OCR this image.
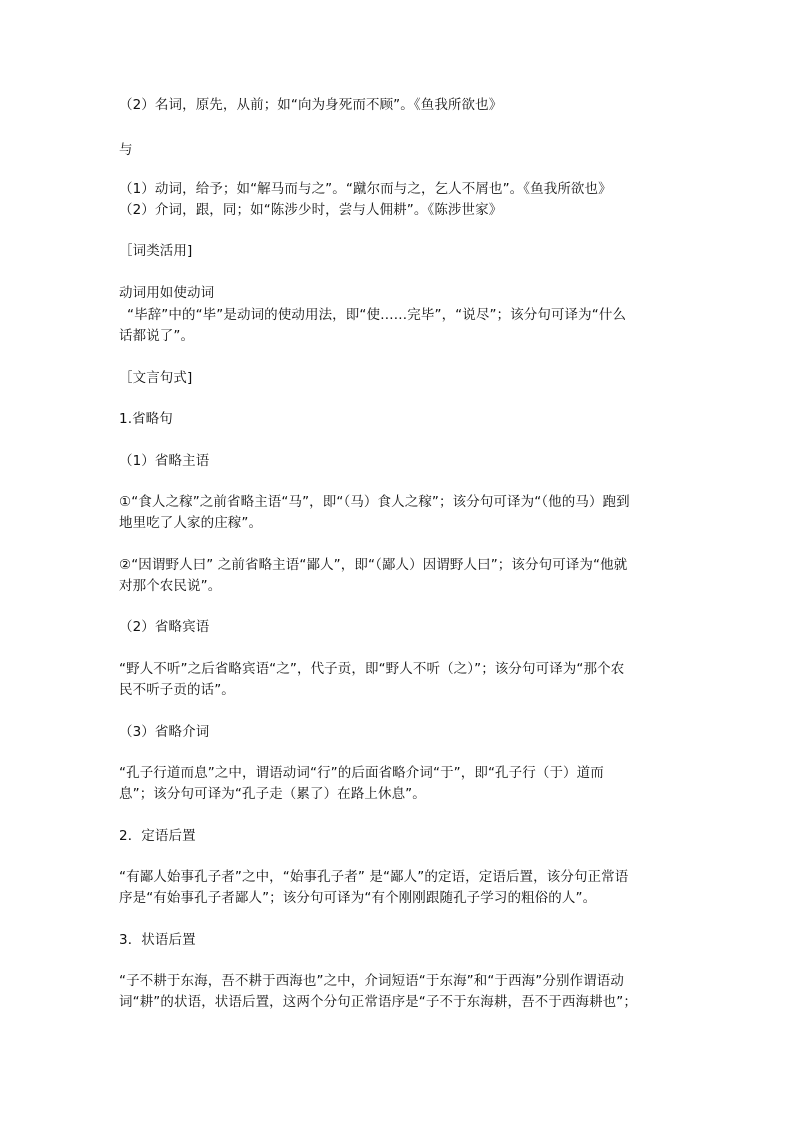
（2）名词，原先，从前；如“向为身死而不顾”。《鱼我所欲也》
与
（1）动词，给予；如“解马而与之”。“蹴尔而与之，乞人不屑也”。《鱼我所欲也》
（2）介词，跟，同；如“陈涉少时，尝与人佣耕”。《陈涉世家》
［词类活用]
动词用如使动词
“毕辞”中的“毕”是动词的使动用法，即“使……完毕”，“说尽”；该分句可译为“什么
话都说了”。
［文言句式]
1.省略句
（1）省略主语
①“食人之稼”之前省略主语“马”，即“（马）食人之稼”；该分句可译为“（他的马）跑到
地里吃了人家的庄稼”。
②“因谓野人曰” 之前省略主语“鄙人”，即“（鄙人）因谓野人曰”；该分句可译为“他就
对那个农民说”。
（2）省略宾语
“野人不听”之后省略宾语“之”，代子贡，即“野人不听（之）”；该分句可译为“那个农
民不听子贡的话”。
（3）省略介词
“孔子行道而息”之中，谓语动词“行”的后面省略介词“于”，即“孔子行（于）道而
息”；该分句可译为“孔子走（累了）在路上休息”。
2．定语后置
“有鄙人始事孔子者”之中，“始事孔子者” 是“鄙人”的定语，定语后置，该分句正常语
序是“有始事孔子者鄙人”；该分句可译为“有个刚刚跟随孔子学习的粗俗的人”。
3．状语后置
“子不耕于东海，吾不耕于西海也”之中，介词短语“于东海”和“于西海”分别作谓语动
词“耕”的状语，状语后置，这两个分句正常语序是“子不于东海耕，吾不于西海耕也”；
